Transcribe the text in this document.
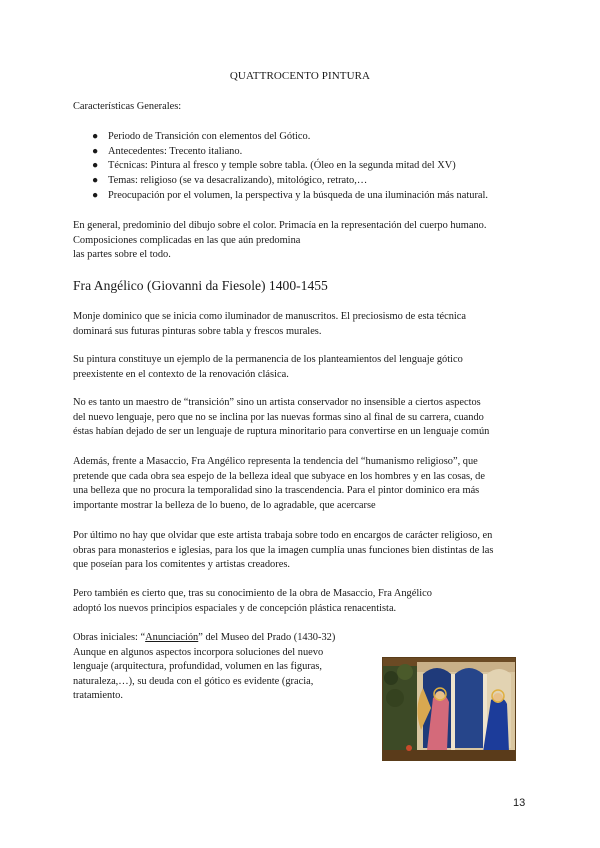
QUATTROCENTO PINTURA
Características Generales:
● Periodo de Transición con elementos del Gótico.
● Antecedentes: Trecento italiano.
● Técnicas: Pintura al fresco y temple sobre tabla. (Óleo en la segunda mitad del XV)
● Temas: religioso (se va desacralizando), mitológico, retrato,…
● Preocupación por el volumen, la perspectiva y la búsqueda de una iluminación más natural.
En general, predominio del dibujo sobre el color. Primacía en la representación del cuerpo humano.
Composiciones complicadas en las que aún predomina
las partes sobre el todo.
Fra Angélico (Giovanni da Fiesole) 1400-1455
Monje dominico que se inicia como iluminador de manuscritos. El preciosismo de esta técnica
dominará sus futuras pinturas sobre tabla y frescos murales.
Su pintura constituye un ejemplo de la permanencia de los planteamientos del lenguaje gótico
preexistente en el contexto de la renovación clásica.
No es tanto un maestro de “transición” sino un artista conservador no insensible a ciertos aspectos
del nuevo lenguaje, pero que no se inclina por las nuevas formas sino al final de su carrera, cuando
éstas habían dejado de ser un lenguaje de ruptura minoritario para convertirse en un lenguaje común
Además, frente a Masaccio, Fra Angélico representa la tendencia del “humanismo religioso”, que
pretende que cada obra sea espejo de la belleza ideal que subyace en los hombres y en las cosas, de
una belleza que no procura la temporalidad sino la trascendencia. Para el pintor dominico era más
importante mostrar la belleza de lo bueno, de lo agradable, que acercarse
Por último no hay que olvidar que este artista trabaja sobre todo en encargos de carácter religioso, en
obras para monasterios e iglesias, para los que la imagen cumplía unas funciones bien distintas de las
que poseían para los comitentes y artistas creadores.
Pero también es cierto que, tras su conocimiento de la obra de Masaccio, Fra Angélico
adoptó los nuevos principios espaciales y de concepción plástica renacentista.
Obras iniciales: “Anunciación” del Museo del Prado (1430-32)
Aunque en algunos aspectos incorpora soluciones del nuevo
lenguaje (arquitectura, profundidad, volumen en las figuras,
naturaleza,…), su deuda con el gótico es evidente (gracia,
tratamiento.
13
